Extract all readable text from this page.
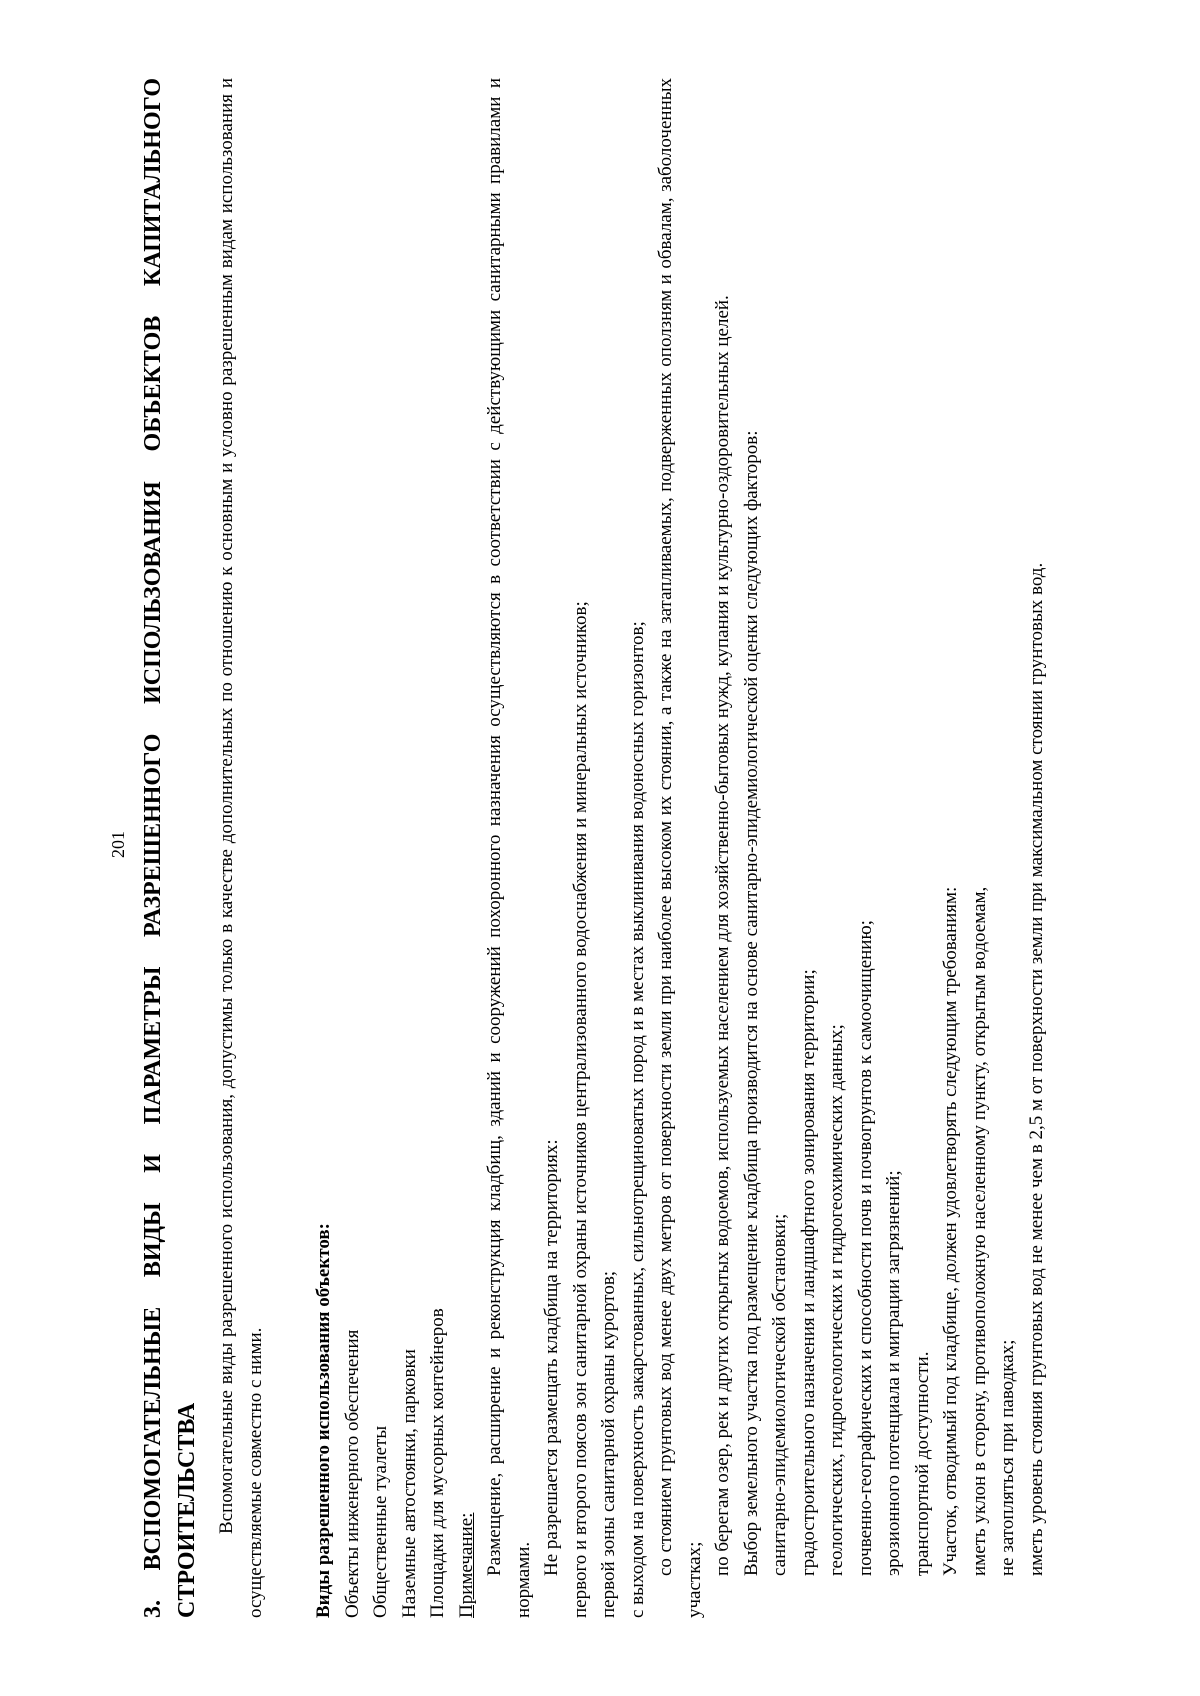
201 3. ВСПОМОГАТЕЛЬНЫЕ ВИДЫ И ПАРАМЕТРЫ РАЗРЕШЕННОГО ИСПОЛЬЗОВАНИЯ ОБЪЕКТОВ КАПИТАЛЬНОГО СТРОИТЕЛЬСТВА Вспомогательные виды разрешенного использования, допустимы только в качестве дополнительных по отношению к основным и условно разрешенным видам использования и осуществляемые совместно с ними. Виды разрешенного использования объектов: Объекты инженерного обеспечения Общественные туалеты Наземные автостоянки, парковки Площадки для мусорных контейнеров Примечание: Размещение, расширение и реконструкция кладбищ, зданий и сооружений похоронного назначения осуществляются в соответствии с действующими санитарными правилами и нормами.

Не разрешается размещать кладбища на территориях: первого и второго поясов зон санитарной охраны источников централизованного водоснабжения и минеральных источников; первой зоны санитарной охраны курортов; с выходом на поверхность закарстованных, сильнотрещиноватых пород и в местах выклинивания водоносных горизонтов; со стоянием грунтовых вод менее двух метров от поверхности земли при наиболее высоком их стоянии, а также на затапливаемых, подверженных оползням и обвалам, заболоченных участках;

по берегам озер, рек и других открытых водоемов, используемых населением для хозяйственно-бытовых нужд, купания и культурно-оздоровительных целей. Выбор земельного участка под размещение кладбища производится на основе санитарно-эпидемиологической оценки следующих факторов: санитарно-эпидемиологической обстановки; градостроительного назначения и ландшафтного зонирования территории; геологических, гидрогеологических и гидрогеохимических данных; почвенно-географических и способности почв и почвогрунтов к самоочищению; эрозионного потенциала и миграции загрязнений; транспортной доступности. Участок, отводимый под кладбище, должен удовлетворять следующим требованиям: иметь уклон в сторону, противоположную населенному пункту, открытым водоемам, не затопляться при паводках; иметь уровень стояния грунтовых вод не менее чем в 2,5 м от поверхности земли при максимальном стоянии грунтовых вод.
